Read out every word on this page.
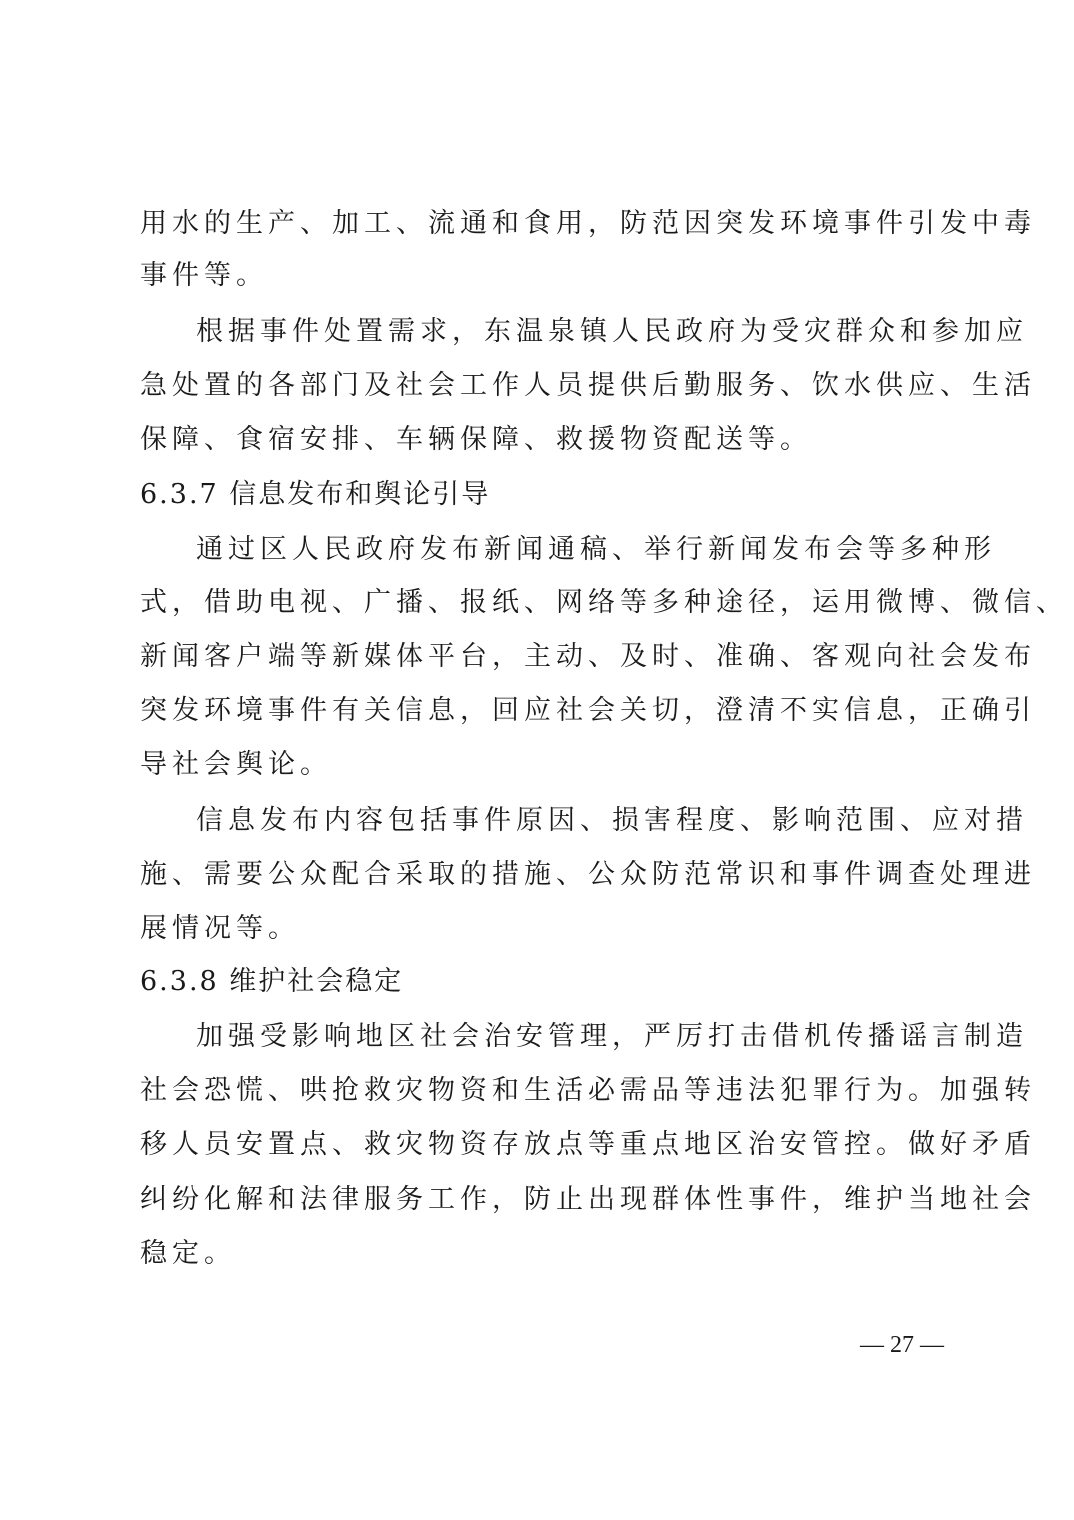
用水的生产、加工、流通和食用，防范因突发环境事件引发中毒
事件等。
根据事件处置需求，东温泉镇人民政府为受灾群众和参加应
急处置的各部门及社会工作人员提供后勤服务、饮水供应、生活
保障、食宿安排、车辆保障、救援物资配送等。
6.3.7 信息发布和舆论引导
通过区人民政府发布新闻通稿、举行新闻发布会等多种形
式，借助电视、广播、报纸、网络等多种途径，运用微博、微信、
新闻客户端等新媒体平台，主动、及时、准确、客观向社会发布
突发环境事件有关信息，回应社会关切，澄清不实信息，正确引
导社会舆论。
信息发布内容包括事件原因、损害程度、影响范围、应对措
施、需要公众配合采取的措施、公众防范常识和事件调查处理进
展情况等。
6.3.8 维护社会稳定
加强受影响地区社会治安管理，严厉打击借机传播谣言制造
社会恐慌、哄抢救灾物资和生活必需品等违法犯罪行为。加强转
移人员安置点、救灾物资存放点等重点地区治安管控。做好矛盾
纠纷化解和法律服务工作，防止出现群体性事件，维护当地社会
稳定。
— 27 —
